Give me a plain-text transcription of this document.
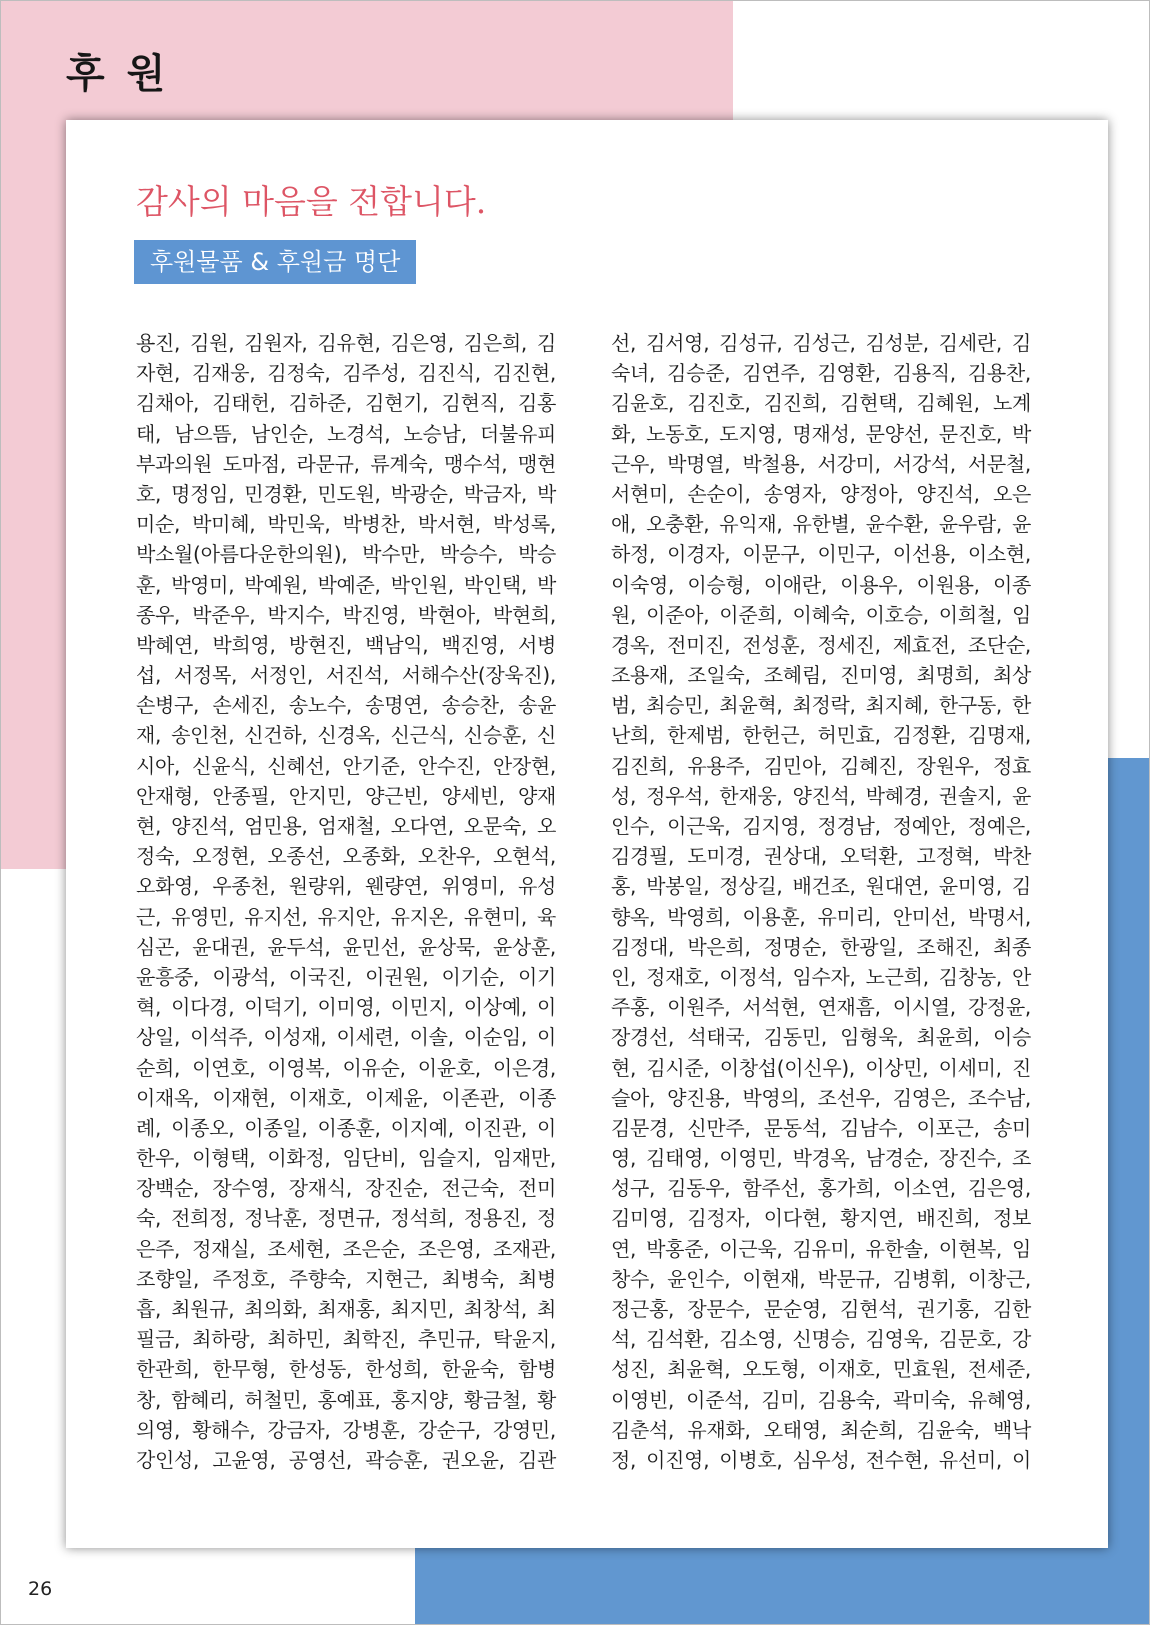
후 원
감사의 마음을 전합니다.
후원물품 & 후원금 명단
용진, 김원, 김원자, 김유현, 김은영, 김은희, 김
자현, 김재웅, 김정숙, 김주성, 김진식, 김진현,
김채아, 김태헌, 김하준, 김현기, 김현직, 김홍
태, 남으뜸, 남인순, 노경석, 노승남, 더불유피
부과의원 도마점, 라문규, 류계숙, 맹수석, 맹현
호, 명정임, 민경환, 민도원, 박광순, 박금자, 박
미순, 박미혜, 박민욱, 박병찬, 박서현, 박성록,
박소월(아름다운한의원), 박수만, 박승수, 박승
훈, 박영미, 박예원, 박예준, 박인원, 박인택, 박
종우, 박준우, 박지수, 박진영, 박현아, 박현희,
박혜연, 박희영, 방현진, 백남익, 백진영, 서병
섭, 서정목, 서정인, 서진석, 서해수산(장욱진),
손병구, 손세진, 송노수, 송명연, 송승찬, 송윤
재, 송인천, 신건하, 신경옥, 신근식, 신승훈, 신
시아, 신윤식, 신혜선, 안기준, 안수진, 안장현,
안재형, 안종필, 안지민, 양근빈, 양세빈, 양재
현, 양진석, 엄민용, 엄재철, 오다연, 오문숙, 오
정숙, 오정현, 오종선, 오종화, 오찬우, 오현석,
오화영, 우종천, 원량위, 웬량연, 위영미, 유성
근, 유영민, 유지선, 유지안, 유지온, 유현미, 육
심곤, 윤대권, 윤두석, 윤민선, 윤상묵, 윤상훈,
윤흥중, 이광석, 이국진, 이권원, 이기순, 이기
혁, 이다경, 이덕기, 이미영, 이민지, 이상예, 이
상일, 이석주, 이성재, 이세련, 이솔, 이순임, 이
순희, 이연호, 이영복, 이유순, 이윤호, 이은경,
이재옥, 이재현, 이재호, 이제윤, 이존관, 이종
례, 이종오, 이종일, 이종훈, 이지예, 이진관, 이
한우, 이형택, 이화정, 임단비, 임슬지, 임재만,
장백순, 장수영, 장재식, 장진순, 전근숙, 전미
숙, 전희정, 정낙훈, 정면규, 정석희, 정용진, 정
은주, 정재실, 조세현, 조은순, 조은영, 조재관,
조향일, 주정호, 주향숙, 지현근, 최병숙, 최병
흡, 최원규, 최의화, 최재홍, 최지민, 최창석, 최
필금, 최하랑, 최하민, 최학진, 추민규, 탁윤지,
한관희, 한무형, 한성동, 한성희, 한윤숙, 함병
창, 함혜리, 허철민, 홍예표, 홍지양, 황금철, 황
의영, 황해수, 강금자, 강병훈, 강순구, 강영민,
강인성, 고윤영, 공영선, 곽승훈, 권오윤, 김관
선, 김서영, 김성규, 김성근, 김성분, 김세란, 김
숙녀, 김승준, 김연주, 김영환, 김용직, 김용찬,
김윤호, 김진호, 김진희, 김현택, 김혜원, 노계
화, 노동호, 도지영, 명재성, 문양선, 문진호, 박
근우, 박명열, 박철용, 서강미, 서강석, 서문철,
서현미, 손순이, 송영자, 양정아, 양진석, 오은
애, 오충환, 유익재, 유한별, 윤수환, 윤우람, 윤
하정, 이경자, 이문구, 이민구, 이선용, 이소현,
이숙영, 이승형, 이애란, 이용우, 이원용, 이종
원, 이준아, 이준희, 이혜숙, 이호승, 이희철, 임
경옥, 전미진, 전성훈, 정세진, 제효전, 조단순,
조용재, 조일숙, 조혜림, 진미영, 최명희, 최상
범, 최승민, 최윤혁, 최정락, 최지혜, 한구동, 한
난희, 한제범, 한헌근, 허민효, 김정환, 김명재,
김진희, 유용주, 김민아, 김혜진, 장원우, 정효
성, 정우석, 한재웅, 양진석, 박혜경, 권솔지, 윤
인수, 이근욱, 김지영, 정경남, 정예안, 정예은,
김경필, 도미경, 권상대, 오덕환, 고정혁, 박찬
홍, 박봉일, 정상길, 배건조, 원대연, 윤미영, 김
향옥, 박영희, 이용훈, 유미리, 안미선, 박명서,
김정대, 박은희, 정명순, 한광일, 조해진, 최종
인, 정재호, 이정석, 임수자, 노근희, 김창농, 안
주홍, 이원주, 서석현, 연재흠, 이시열, 강정윤,
장경선, 석태국, 김동민, 임형욱, 최윤희, 이승
현, 김시준, 이창섭(이신우), 이상민, 이세미, 진
슬아, 양진용, 박영의, 조선우, 김영은, 조수남,
김문경, 신만주, 문동석, 김남수, 이포근, 송미
영, 김태영, 이영민, 박경옥, 남경순, 장진수, 조
성구, 김동우, 함주선, 홍가희, 이소연, 김은영,
김미영, 김정자, 이다현, 황지연, 배진희, 정보
연, 박홍준, 이근욱, 김유미, 유한솔, 이현복, 임
창수, 윤인수, 이현재, 박문규, 김병휘, 이창근,
정근홍, 장문수, 문순영, 김현석, 권기홍, 김한
석, 김석환, 김소영, 신명승, 김영욱, 김문호, 강
성진, 최윤혁, 오도형, 이재호, 민효원, 전세준,
이영빈, 이준석, 김미, 김용숙, 곽미숙, 유혜영,
김춘석, 유재화, 오태영, 최순희, 김윤숙, 백낙
정, 이진영, 이병호, 심우성, 전수현, 유선미, 이
26
